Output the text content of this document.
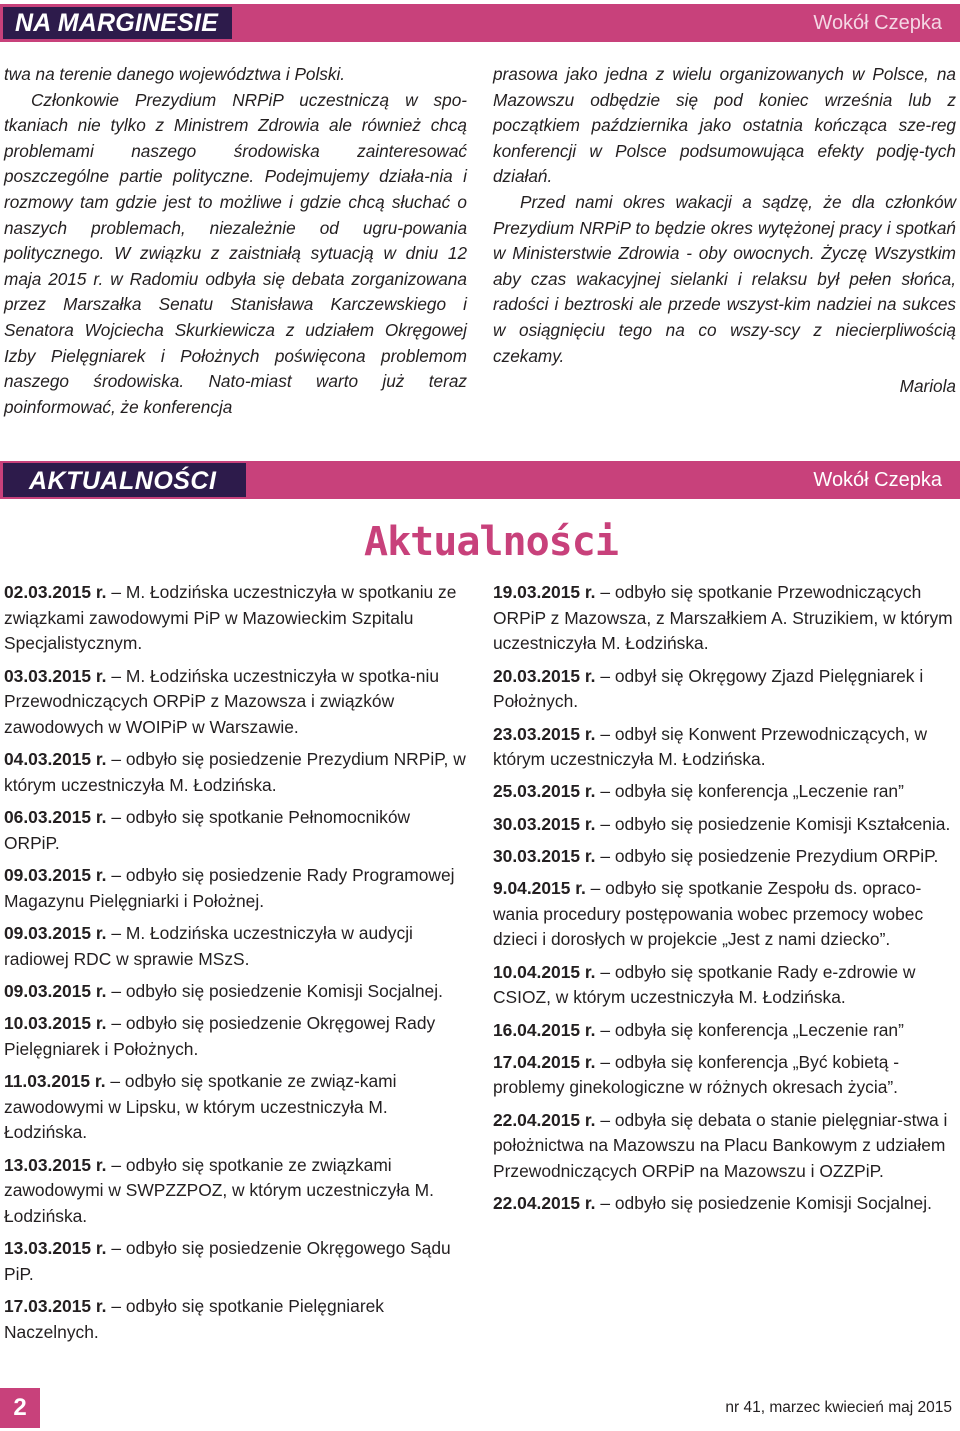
NA MARGINESIE	Wokół Czepka

twa na terenie danego województwa i Polski.

Członkowie Prezydium NRPiP uczestniczą w spo-tkaniach nie tylko z Ministrem Zdrowia ale również chcą problemami naszego środowiska zainteresować poszczególne partie polityczne. Podejmujemy działa-nia i rozmowy tam gdzie jest to możliwe i gdzie chcą słuchać o naszych problemach, niezależnie od ugru-powania politycznego. W związku z zaistniałą sytuacją w dniu 12 maja 2015 r. w Radomiu odbyła się debata zorganizowana przez Marszałka Senatu Stanisława Karczewskiego i Senatora Wojciecha Skurkiewicza z udziałem Okręgowej Izby Pielęgniarek i Położnych poświęcona problemom naszego środowiska. Nato-miast warto już teraz poinformować, że konferencja

prasowa jako jedna z wielu organizowanych w Polsce, na Mazowszu odbędzie się pod koniec września lub z początkiem października jako ostatnia kończąca sze-reg konferencji w Polsce podsumowująca efekty podję-tych działań.

Przed nami okres wakacji a sądzę, że dla członków Prezydium NRPiP to będzie okres wytężonej pracy i spotkań w Ministerstwie Zdrowia - oby owocnych. Życzę Wszystkim aby czas wakacyjnej sielanki i relaksu był pełen słońca, radości i beztroski ale przede wszyst-kim nadziei na sukces w osiągnięciu tego na co wszy-scy z niecierpliwością czekamy.

Mariola

AKTUALNOŚCI	Wokół Czepka
Aktualności
02.03.2015 r. – M. Łodzińska uczestniczyła w spotkaniu ze związkami zawodowymi PiP w Mazowieckim Szpitalu Specjalistycznym.
03.03.2015 r. – M. Łodzińska uczestniczyła w spotka-niu Przewodniczących ORPiP z Mazowsza i związków zawodowych w WOIPiP w Warszawie.
04.03.2015 r. – odbyło się posiedzenie Prezydium NRPiP, w którym uczestniczyła M. Łodzińska.
06.03.2015 r. – odbyło się spotkanie Pełnomocników ORPiP.
09.03.2015 r. – odbyło się posiedzenie Rady Programowej Magazynu Pielęgniarki i Położnej.
09.03.2015 r. – M. Łodzińska uczestniczyła w audycji radiowej RDC w sprawie MSzS.
09.03.2015 r. – odbyło się posiedzenie Komisji Socjalnej.
10.03.2015 r. – odbyło się posiedzenie Okręgowej Rady Pielęgniarek i Położnych.
11.03.2015 r. – odbyło się spotkanie ze związ-kami zawodowymi w Lipsku, w którym uczestniczyła M. Łodzińska.
13.03.2015 r. – odbyło się spotkanie ze związkami zawodowymi w SWPZZPOZ, w którym uczestniczyła M. Łodzińska.
13.03.2015 r. – odbyło się posiedzenie Okręgowego Sądu PiP.
17.03.2015 r. – odbyło się spotkanie Pielęgniarek Naczelnych.
19.03.2015 r. – odbyło się spotkanie Przewodniczących ORPiP z Mazowsza, z Marszałkiem A. Struzikiem, w którym uczestniczyła M. Łodzińska.
20.03.2015 r. – odbył się Okręgowy Zjazd Pielęgniarek i Położnych.
23.03.2015 r. – odbył się Konwent Przewodniczących, w którym uczestniczyła M. Łodzińska.
25.03.2015 r. – odbyła się konferencja „Leczenie ran”
30.03.2015 r. – odbyło się posiedzenie Komisji Kształcenia.
30.03.2015 r. – odbyło się posiedzenie Prezydium ORPiP.
9.04.2015 r. – odbyło się spotkanie Zespołu ds. opraco-wania procedury postępowania wobec przemocy wobec dzieci i dorosłych w projekcie „Jest z nami dziecko”.
10.04.2015 r. – odbyło się spotkanie Rady e-zdrowie w CSIOZ, w którym uczestniczyła M. Łodzińska.
16.04.2015 r. – odbyła się konferencja „Leczenie ran”
17.04.2015 r. – odbyła się konferencja „Być kobietą - problemy ginekologiczne w różnych okresach życia”.
22.04.2015 r. – odbyła się debata o stanie pielęgniar-stwa i położnictwa na Mazowszu na Placu Bankowym z udziałem Przewodniczących ORPiP na Mazowszu i OZZPiP.
22.04.2015 r. – odbyło się posiedzenie Komisji Socjalnej.
2	nr 41, marzec kwiecień maj 2015
